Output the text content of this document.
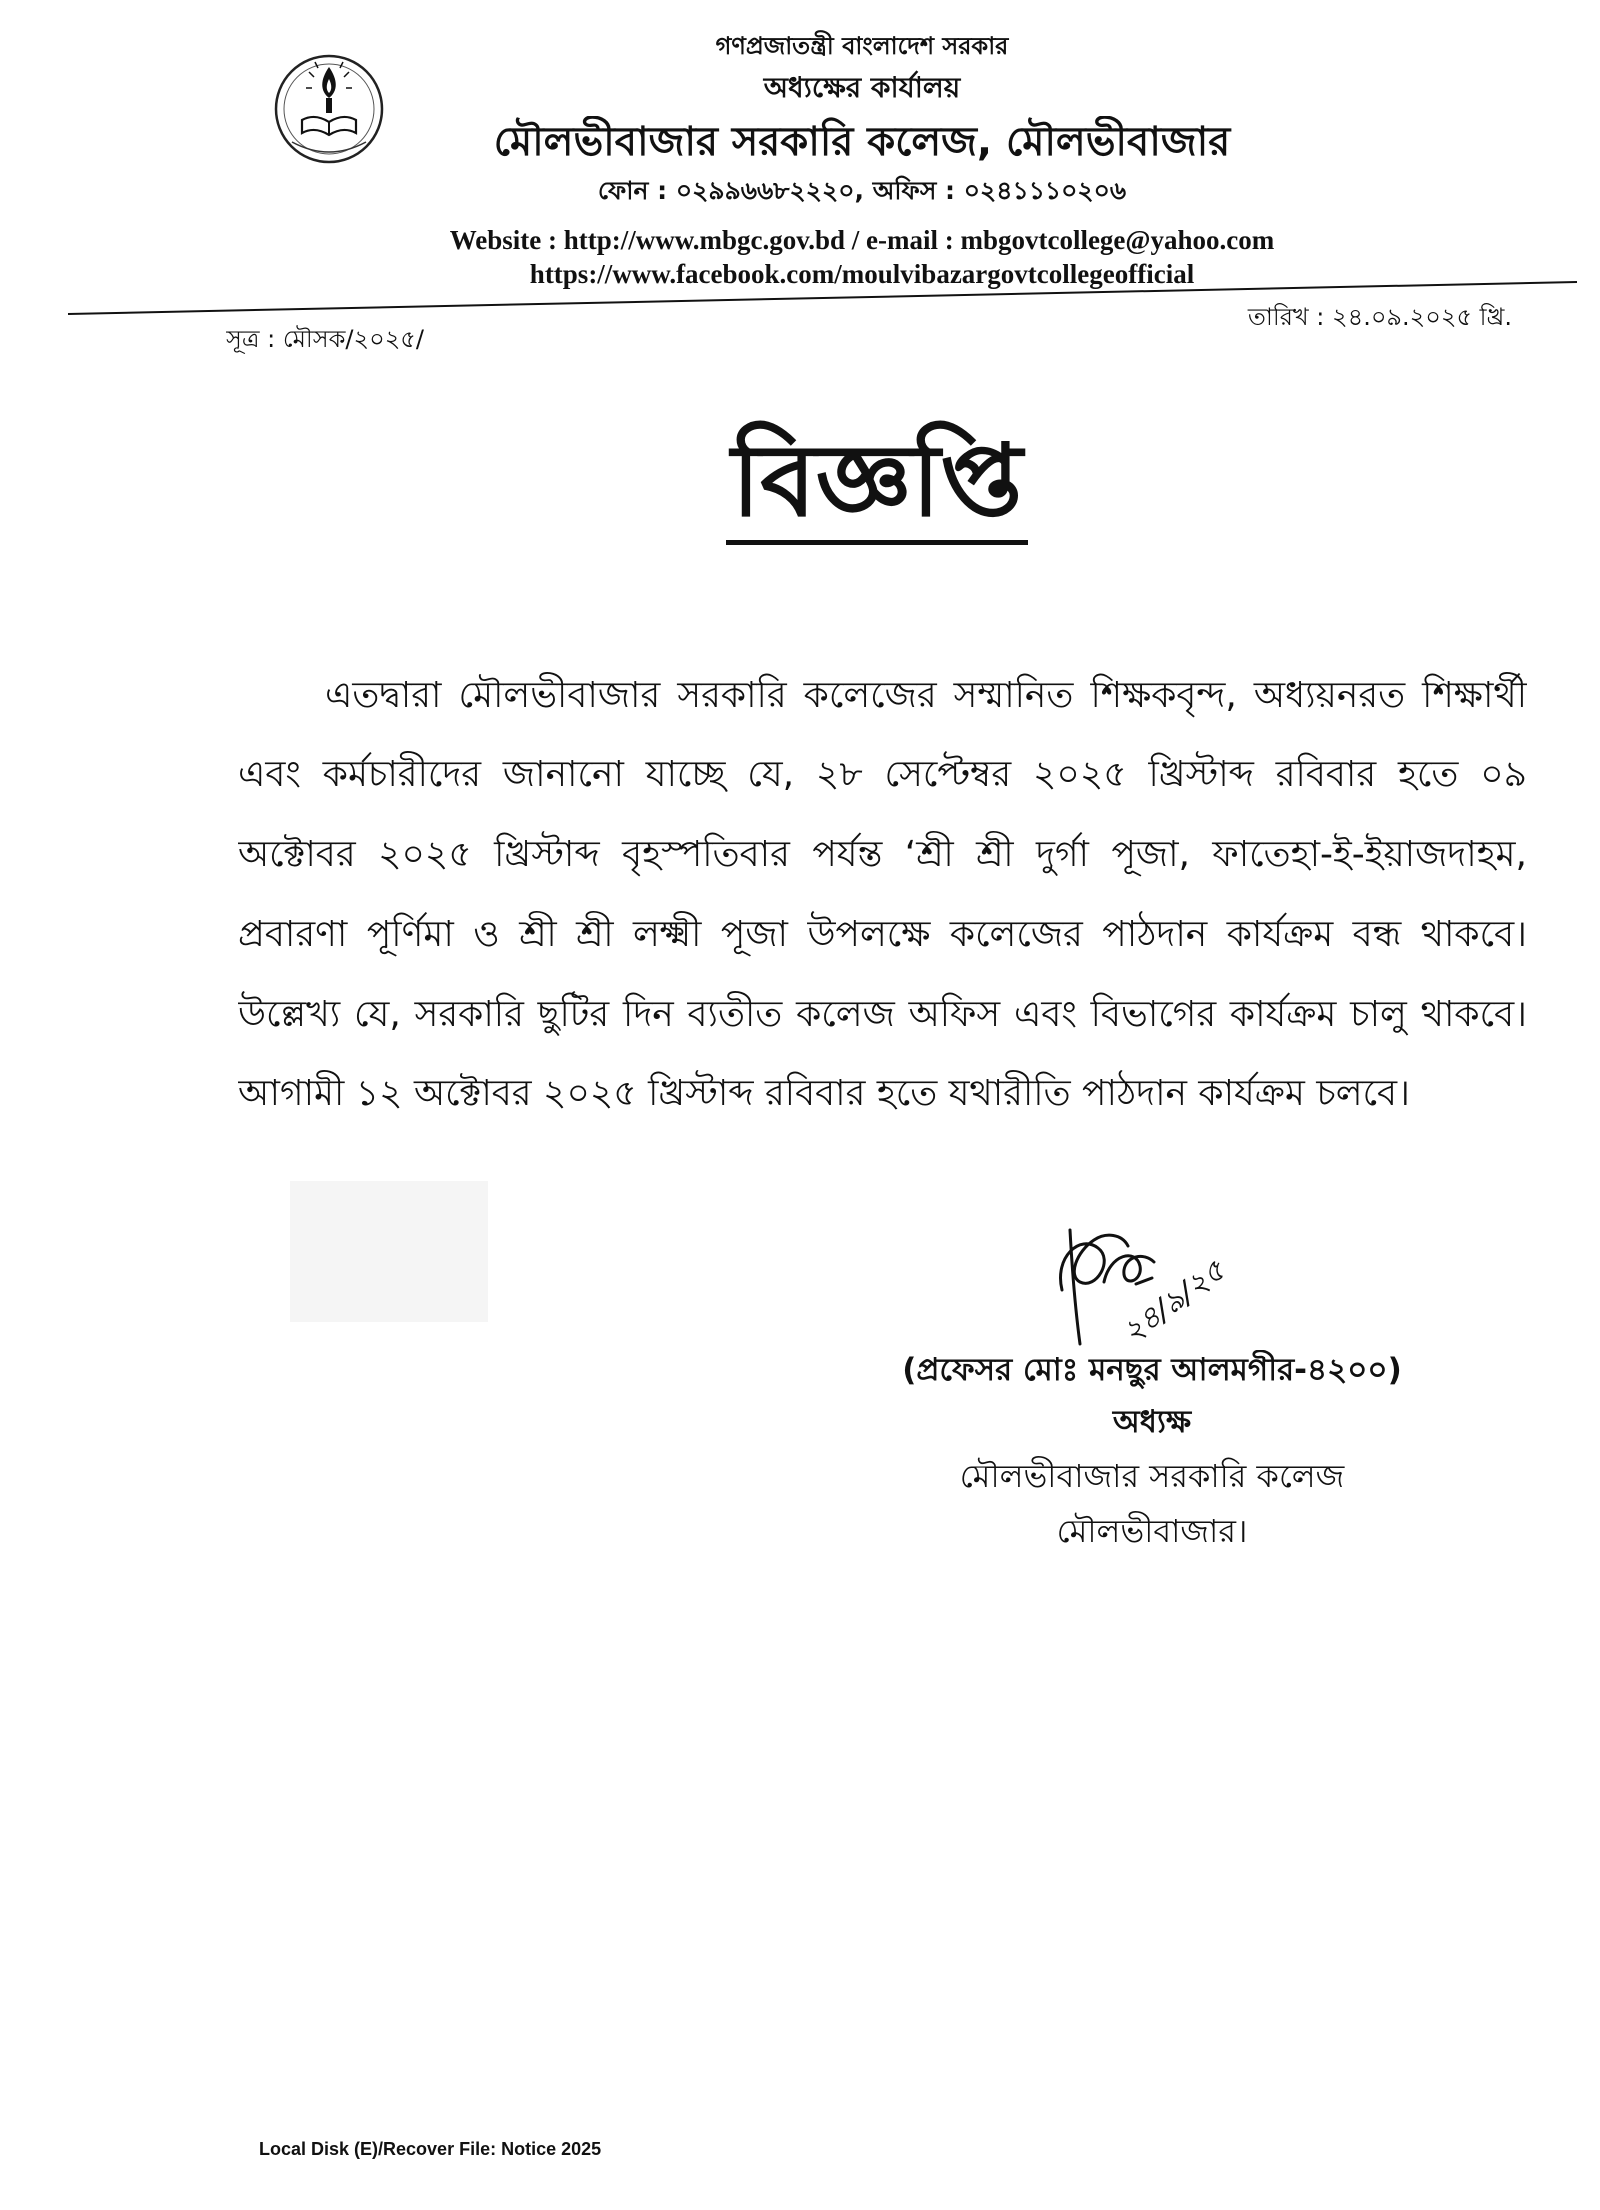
গণপ্রজাতন্ত্রী বাংলাদেশ সরকার
অধ্যক্ষের কার্যালয়
মৌলভীবাজার সরকারি কলেজ, মৌলভীবাজার
ফোন : ০২৯৯৬৬৮২২২০, অফিস : ০২৪১১১০২০৬
Website : http://www.mbgc.gov.bd / e-mail : mbgovtcollege@yahoo.com
https://www.facebook.com/moulvibazargovtcollegeofficial
সূত্র : মৌসক/২০২৫/
তারিখ : ২৪.০৯.২০২৫ খ্রি.
বিজ্ঞপ্তি
এতদ্বারা মৌলভীবাজার সরকারি কলেজের সম্মানিত শিক্ষকবৃন্দ, অধ্যয়নরত শিক্ষার্থী
এবং কর্মচারীদের জানানো যাচ্ছে যে, ২৮ সেপ্টেম্বর ২০২৫ খ্রিস্টাব্দ রবিবার হতে ০৯
অক্টোবর ২০২৫ খ্রিস্টাব্দ বৃহস্পতিবার পর্যন্ত ‘শ্রী শ্রী দুর্গা পূজা, ফাতেহা-ই-ইয়াজদাহম,
প্রবারণা পূর্ণিমা ও শ্রী শ্রী লক্ষ্মী পূজা উপলক্ষে কলেজের পাঠদান কার্যক্রম বন্ধ থাকবে।
উল্লেখ্য যে, সরকারি ছুটির দিন ব্যতীত কলেজ অফিস এবং বিভাগের কার্যক্রম চালু থাকবে।
আগামী ১২ অক্টোবর ২০২৫ খ্রিস্টাব্দ রবিবার হতে যথারীতি পাঠদান কার্যক্রম চলবে।
২৪/৯/২৫
(প্রফেসর মোঃ মনছুর আলমগীর-৪২০০)
অধ্যক্ষ
মৌলভীবাজার সরকারি কলেজ
মৌলভীবাজার।
Local Disk (E)/Recover File: Notice 2025
